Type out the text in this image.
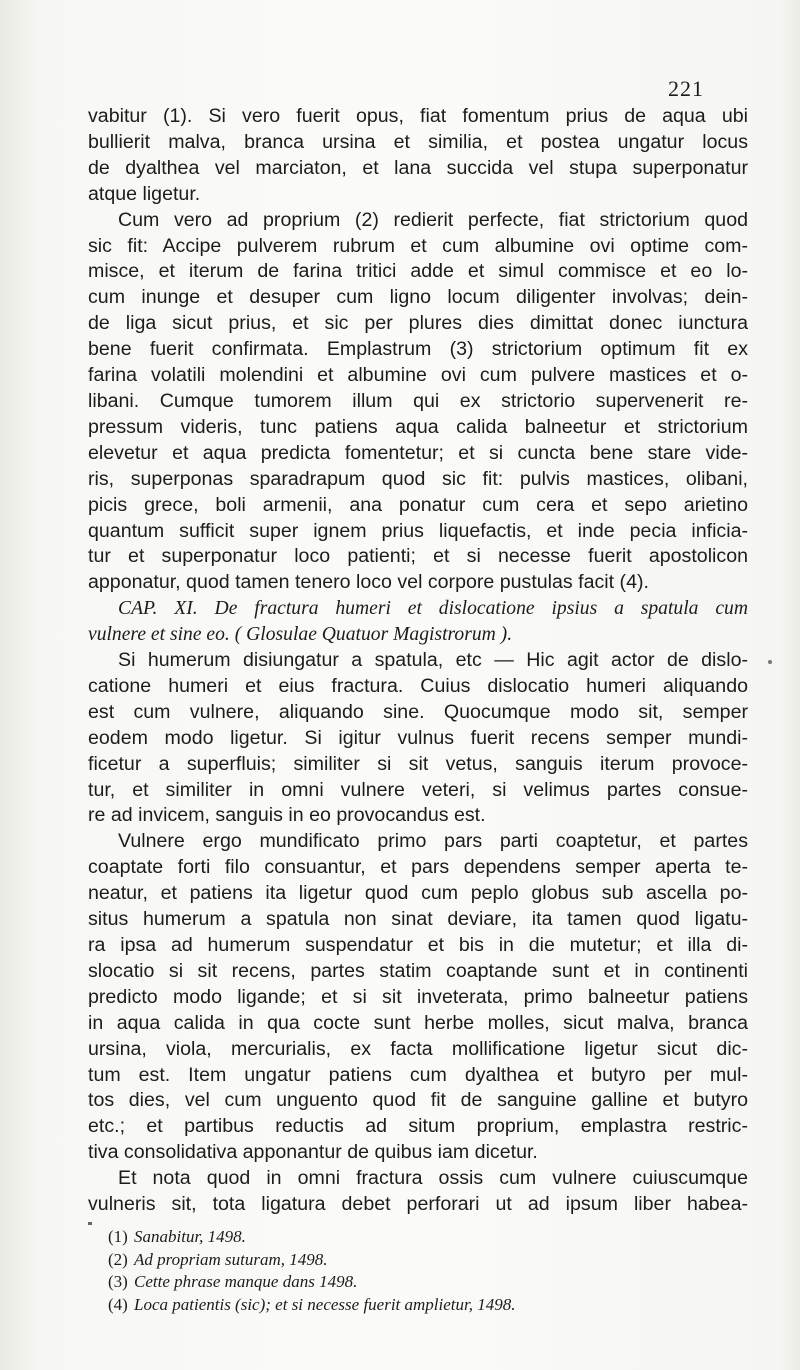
221
vabitur (1). Si vero fuerit opus, fiat fomentum prius de aqua ubi
bullierit malva, branca ursina et similia, et postea ungatur locus
de dyalthea vel marciaton, et lana succida vel stupa superponatur
atque ligetur.
Cum vero ad proprium (2) redierit perfecte, fiat strictorium quod
sic fit: Accipe pulverem rubrum et cum albumine ovi optime com-
misce, et iterum de farina tritici adde et simul commisce et eo lo-
cum inunge et desuper cum ligno locum diligenter involvas; dein-
de liga sicut prius, et sic per plures dies dimittat donec iunctura
bene fuerit confirmata. Emplastrum (3) strictorium optimum fit ex
farina volatili molendini et albumine ovi cum pulvere mastices et o-
libani. Cumque tumorem illum qui ex strictorio supervenerit re-
pressum videris, tunc patiens aqua calida balneetur et strictorium
elevetur et aqua predicta fomentetur; et si cuncta bene stare vide-
ris, superponas sparadrapum quod sic fit: pulvis mastices, olibani,
picis grece, boli armenii, ana ponatur cum cera et sepo arietino
quantum sufficit super ignem prius liquefactis, et inde pecia inficia-
tur et superponatur loco patienti; et si necesse fuerit apostolicon
apponatur, quod tamen tenero loco vel corpore pustulas facit (4).
CAP. XI. De fractura humeri et dislocatione ipsius a spatula cum
vulnere et sine eo. ( Glosulae Quatuor Magistrorum ).
Si humerum disiungatur a spatula, etc — Hic agit actor de dislo-
catione humeri et eius fractura. Cuius dislocatio humeri aliquando
est cum vulnere, aliquando sine. Quocumque modo sit, semper
eodem modo ligetur. Si igitur vulnus fuerit recens semper mundi-
ficetur a superfluis; similiter si sit vetus, sanguis iterum provoce-
tur, et similiter in omni vulnere veteri, si velimus partes consue-
re ad invicem, sanguis in eo provocandus est.
Vulnere ergo mundificato primo pars parti coaptetur, et partes
coaptate forti filo consuantur, et pars dependens semper aperta te-
neatur, et patiens ita ligetur quod cum peplo globus sub ascella po-
situs humerum a spatula non sinat deviare, ita tamen quod ligatu-
ra ipsa ad humerum suspendatur et bis in die mutetur; et illa di-
slocatio si sit recens, partes statim coaptande sunt et in continenti
predicto modo ligande; et si sit inveterata, primo balneetur patiens
in aqua calida in qua cocte sunt herbe molles, sicut malva, branca
ursina, viola, mercurialis, ex facta mollificatione ligetur sicut dic-
tum est. Item ungatur patiens cum dyalthea et butyro per mul-
tos dies, vel cum unguento quod fit de sanguine galline et butyro
etc.; et partibus reductis ad situm proprium, emplastra restric-
tiva consolidativa apponantur de quibus iam dicetur.
Et nota quod in omni fractura ossis cum vulnere cuiuscumque
vulneris sit, tota ligatura debet perforari ut ad ipsum liber habea-
(1) Sanabitur, 1498.
(2) Ad propriam suturam, 1498.
(3) Cette phrase manque dans 1498.
(4) Loca patientis (sic); et si necesse fuerit amplietur, 1498.
